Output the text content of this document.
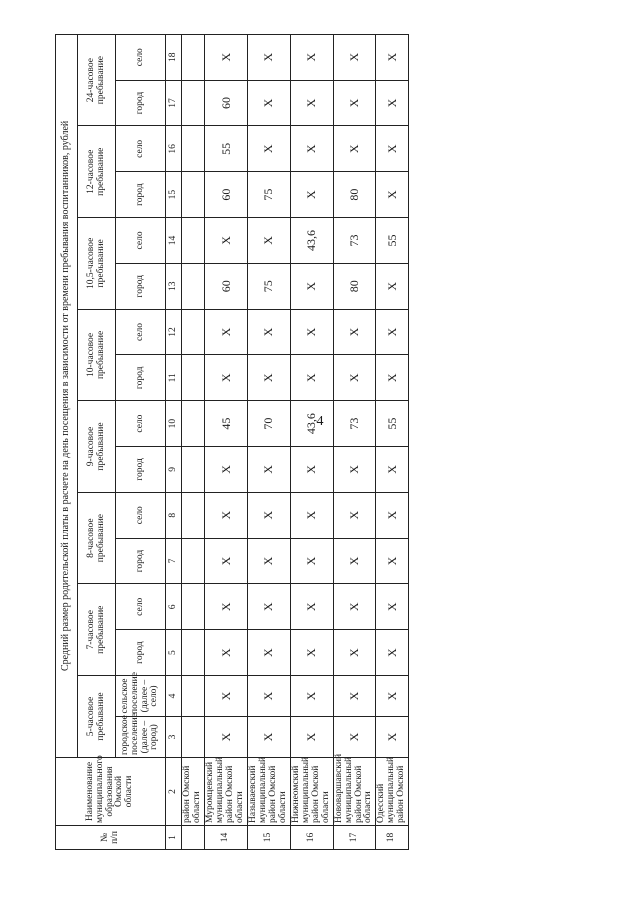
4
№ п/п	Наименование муниципального образования Омской области	Средний размер родительской платы в расчете на день посещения в зависимости от времени пребывания воспитанников, рублей															
		5-часовое пребывание		7-часовое пребывание		8-часовое пребывание		9-часовое пребывание		10-часовое пребывание		10,5-часовое пребывание		12-часовое пребывание		24-часовое пребывание	
		городское поселение (далее – город)	сельское поселение (далее – село)	город	село	город	село	город	село	город	село	город	село	город	село	город	село
1	2	3	4	5	6	7	8	9	10	11	12	13	14	15	16	17	18
	район Омской области																
14	Муромцевский муниципальный район Омской области	Х	Х	Х	Х	Х	Х	Х	45	Х	Х	60	Х	60	55	60	Х
15	Называевский муниципальный район Омской области	Х	Х	Х	Х	Х	Х	Х	70	Х	Х	75	Х	75	Х	Х	Х
16	Нижнеомский муниципальный район Омской области	Х	Х	Х	Х	Х	Х	Х	43,6	Х	Х	Х	43,6	Х	Х	Х	Х
17	Нововаршавский муниципальный район Омской области	Х	Х	Х	Х	Х	Х	Х	73	Х	Х	80	73	80	Х	Х	Х
18	Одесский муниципальный район Омской	Х	Х	Х	Х	Х	Х	Х	55	Х	Х	Х	55	Х	Х	Х	Х
